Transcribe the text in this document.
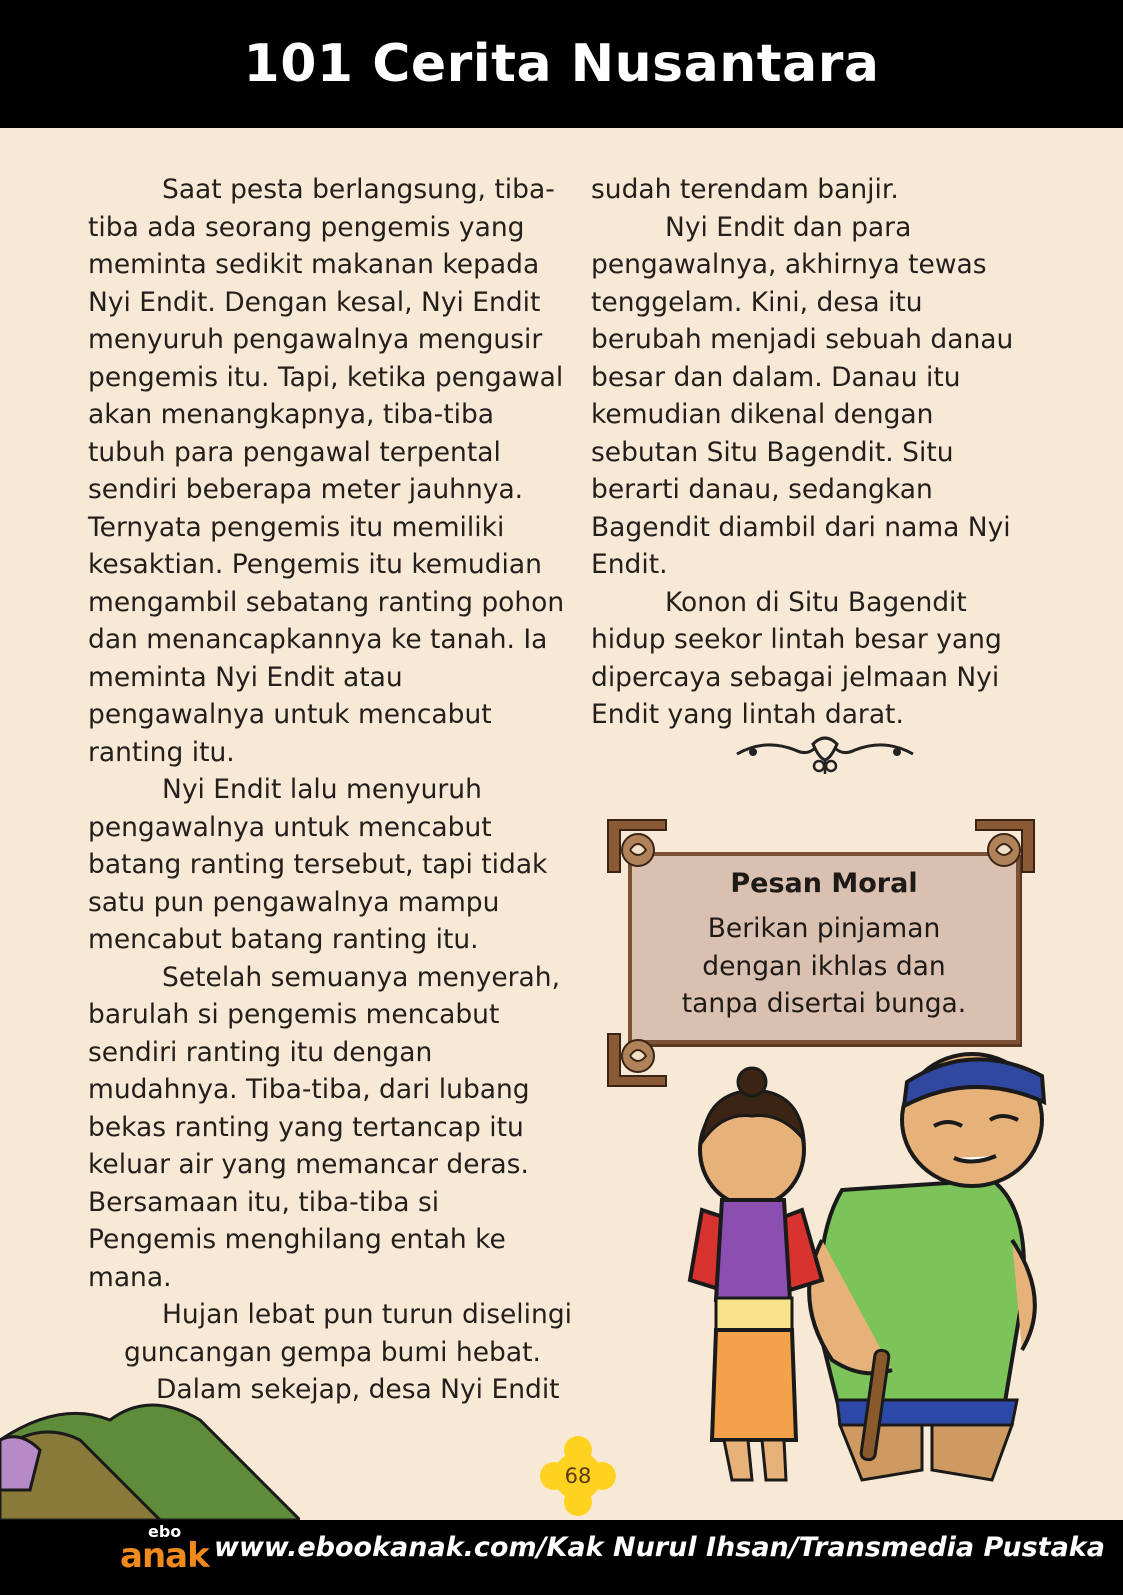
101 Cerita Nusantara

Saat pesta berlangsung, tiba-tiba ada seorang pengemis yang meminta sedikit makanan kepada Nyi Endit. Dengan kesal, Nyi Endit menyuruh pengawalnya mengusir pengemis itu. Tapi, ketika pengawal akan menangkapnya, tiba-tiba tubuh para pengawal terpental sendiri beberapa meter jauhnya. Ternyata pengemis itu memiliki kesaktian. Pengemis itu kemudian mengambil sebatang ranting pohon dan menancapkannya ke tanah. Ia meminta Nyi Endit atau pengawalnya untuk mencabut ranting itu.

Nyi Endit lalu menyuruh pengawalnya untuk mencabut batang ranting tersebut, tapi tidak satu pun pengawalnya mampu mencabut batang ranting itu.

Setelah semuanya menyerah, barulah si pengemis mencabut sendiri ranting itu dengan mudahnya. Tiba-tiba, dari lubang bekas ranting yang tertancap itu keluar air yang memancar deras. Bersamaan itu, tiba-tiba si Pengemis menghilang entah ke mana.

Hujan lebat pun turun diselingi

guncangan gempa bumi hebat.

Dalam sekejap, desa Nyi Endit

sudah terendam banjir.

Nyi Endit dan para pengawalnya, akhirnya tewas tenggelam. Kini, desa itu berubah menjadi sebuah danau besar dan dalam. Danau itu kemudian dikenal dengan sebutan Situ Bagendit. Situ berarti danau, sedangkan Bagendit diambil dari nama Nyi Endit.

Konon di Situ Bagendit hidup seekor lintah besar yang dipercaya sebagai jelmaan Nyi Endit yang lintah darat.

Pesan Moral
Berikan pinjaman
dengan ikhlas dan
tanpa disertai bunga.
68
ebo
anak www.ebookanak.com/Kak Nurul Ihsan/Transmedia Pustaka
